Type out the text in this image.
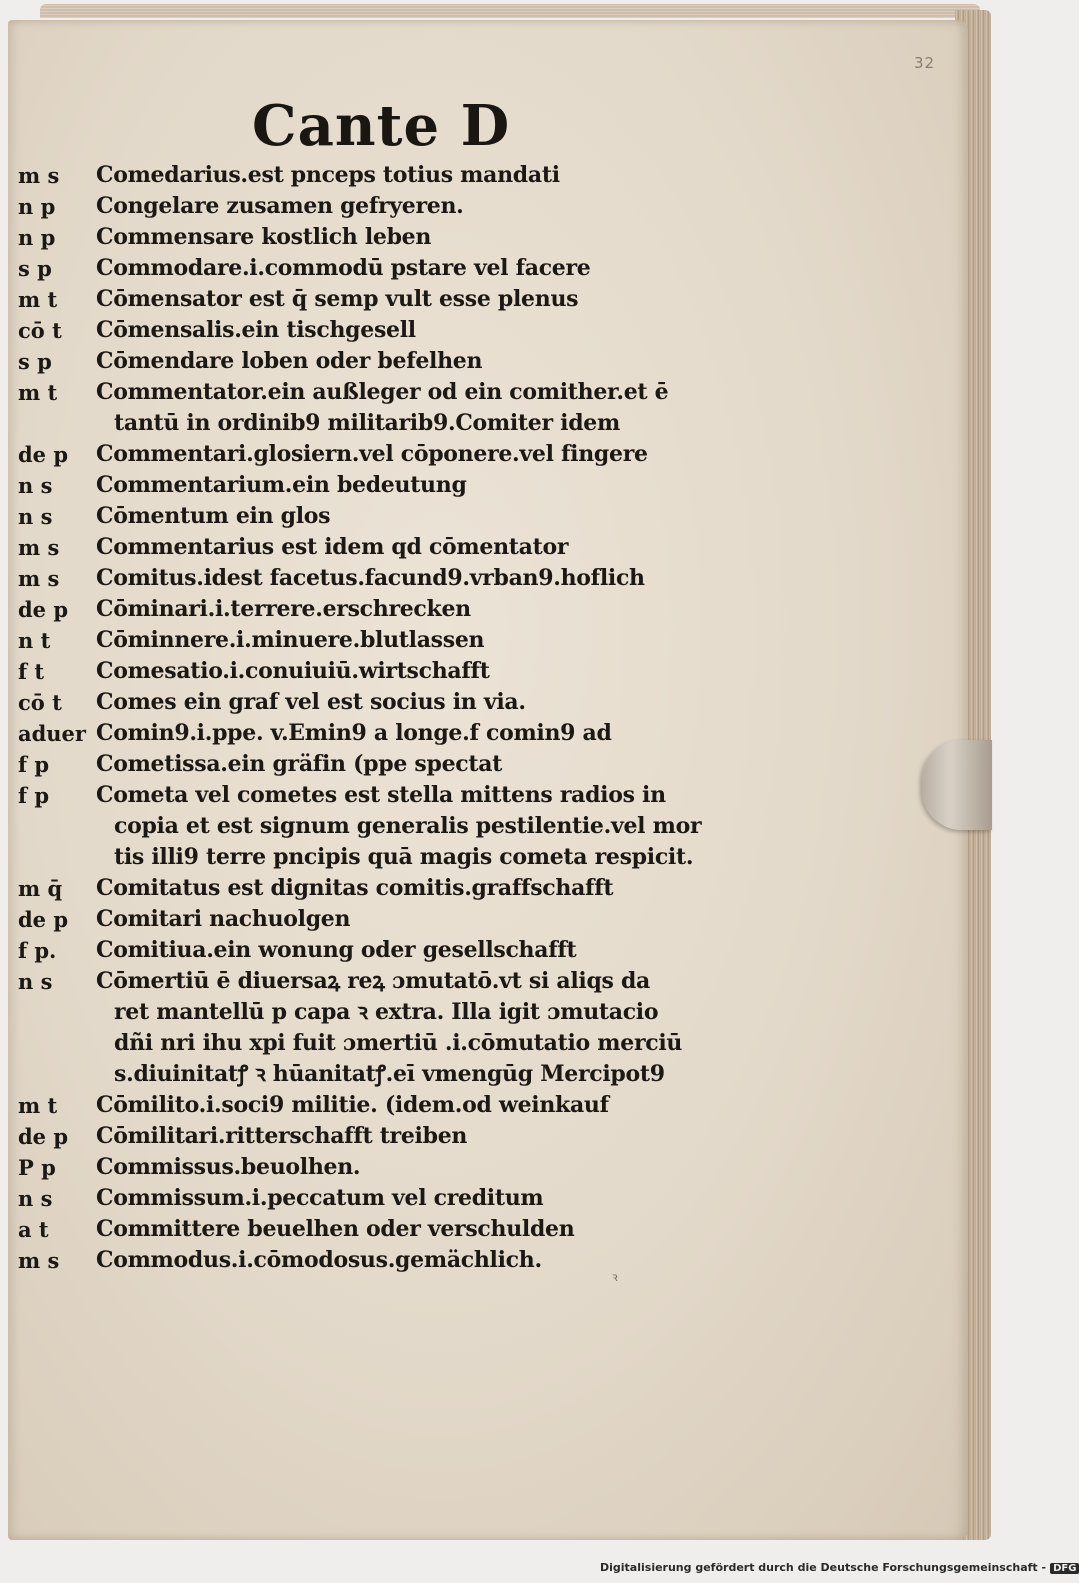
32
Cante D
m s	Comedarius.est pnceps totius mandati
n p	Congelare zusamen gefryeren.
n p	Commensare kostlich leben
s p	Commodare.i.commodū pstare vel facere
m t	Cōmensator est q̄ semp vult esse plenus
cō t	Cōmensalis.ein tischgesell
s p	Cōmendare loben oder befelhen
m t	Commentator.ein außleger od ein comither.et ē
tantū in ordinib9 militarib9.Comiter idem
de p	Commentari.glosiern.vel cōponere.vel fingere
n s	Commentarium.ein bedeutung
n s	Cōmentum ein glos
m s	Commentarius est idem qd cōmentator
m s	Comitus.idest facetus.facund9.vrban9.hoflich
de p	Cōminari.i.terrere.erschrecken
n t	Cōminnere.i.minuere.blutlassen
f t	Comesatio.i.conuiuiū.wirtschafft
cō t	Comes ein graf vel est socius in via.
aduer Comin9.i.ppe. v.Emin9 a longe.f comin9 ad
f p	Cometissa.ein gräfin (ppe spectat
f p	Cometa vel cometes est stella mittens radios in
copia et est signum generalis pestilentie.vel mor
tis illi9 terre pncipis quā magis cometa respicit.
m q̄	Comitatus est dignitas comitis.graffschafft
de p	Comitari nachuolgen
f p.	Comitiua.ein wonung oder gesellschafft
n s	Cōmertiū ē diuersaꝝ reꝝ ɔmutatō.vt si aliqs da
ret mantellū p capa ꝛ extra. Illa igit ɔmutacio
dñi nri ihu xpi fuit ɔmertiū .i.cōmutatio merciū
s.diuinitatꝭ ꝛ hūanitatꝭ.eī vmengūg Mercipot9
m t	Cōmilito.i.soci9 militie. (idem.od weinkauf
de p	Cōmilitari.ritterschafft treiben
P p	Commissus.beuolhen.
n s	Commissum.i.peccatum vel creditum
a t	Committere beuelhen oder verschulden
m s	Commodus.i.cōmodosus.gemächlich.
ꝛ
Digitalisierung gefördert durch die Deutsche Forschungsgemeinschaft - DFG
